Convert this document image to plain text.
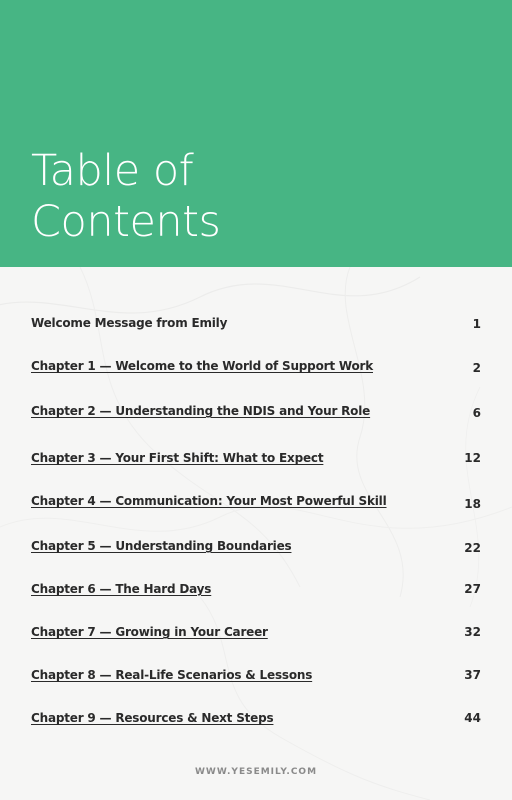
Table of
Contents
Welcome Message from Emily	1
Chapter 1 — Welcome to the World of Support Work	2
Chapter 2 — Understanding the NDIS and Your Role	6
Chapter 3 — Your First Shift: What to Expect	12
Chapter 4 — Communication: Your Most Powerful Skill	18
Chapter 5 — Understanding Boundaries	22
Chapter 6 — The Hard Days	27
Chapter 7 — Growing in Your Career	32
Chapter 8 — Real-Life Scenarios & Lessons	37
Chapter 9 — Resources & Next Steps	44
WWW.YESEMILY.COM
